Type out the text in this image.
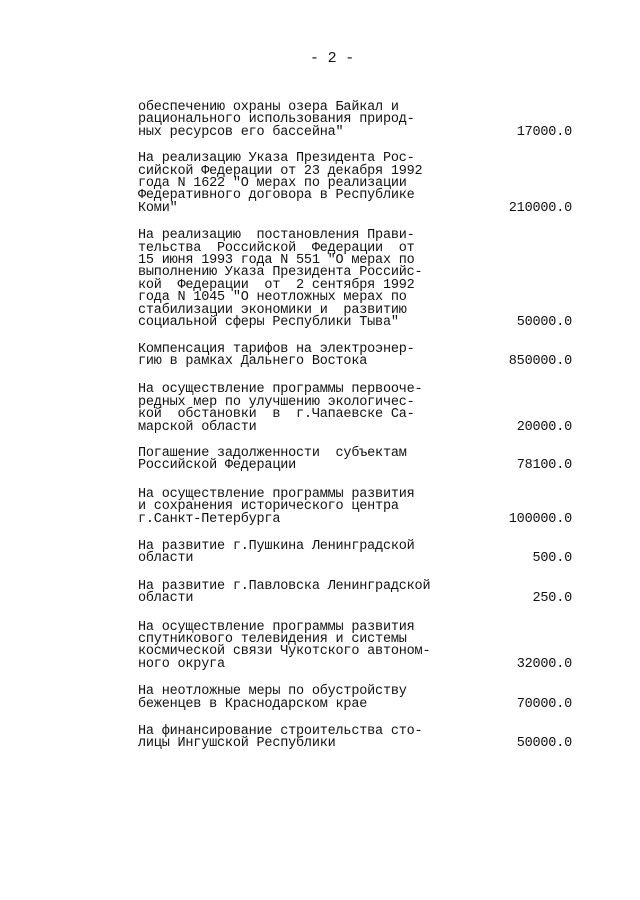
- 2 -
обеспечению охраны озера Байкал и
рационального использования природ-
ных ресурсов его бассейна"	17000.0
На реализацию Указа Президента Рос-
сийской Федерации от 23 декабря 1992
года N 1622 "О мерах по реализации
Федеративного договора в Республике
Коми"	210000.0
На реализацию  постановления Прави-
тельства  Российской  Федерации  от
15 июня 1993 года N 551 "О мерах по
выполнению Указа Президента Российс-
кой  Федерации  от  2 сентября 1992
года N 1045 "О неотложных мерах по
стабилизации экономики и  развитию
социальной сферы Республики Тыва"	50000.0
Компенсация тарифов на электроэнер-
гию в рамках Дальнего Востока	850000.0
На осуществление программы первооче-
редных мер по улучшению экологичес-
кой  обстановки  в  г.Чапаевске Са-
марской области	20000.0
Погашение задолженности  субъектам
Российской Федерации	78100.0
На осуществление программы развития
и сохранения исторического центра
г.Санкт-Петербурга	100000.0
На развитие г.Пушкина Ленинградской
области	500.0
На развитие г.Павловска Ленинградской
области	250.0
На осуществление программы развития
спутникового телевидения и системы
космической связи Чукотского автоном-
ного округа	32000.0
На неотложные меры по обустройству
беженцев в Краснодарском крае	70000.0
На финансирование строительства сто-
лицы Ингушской Республики	50000.0
